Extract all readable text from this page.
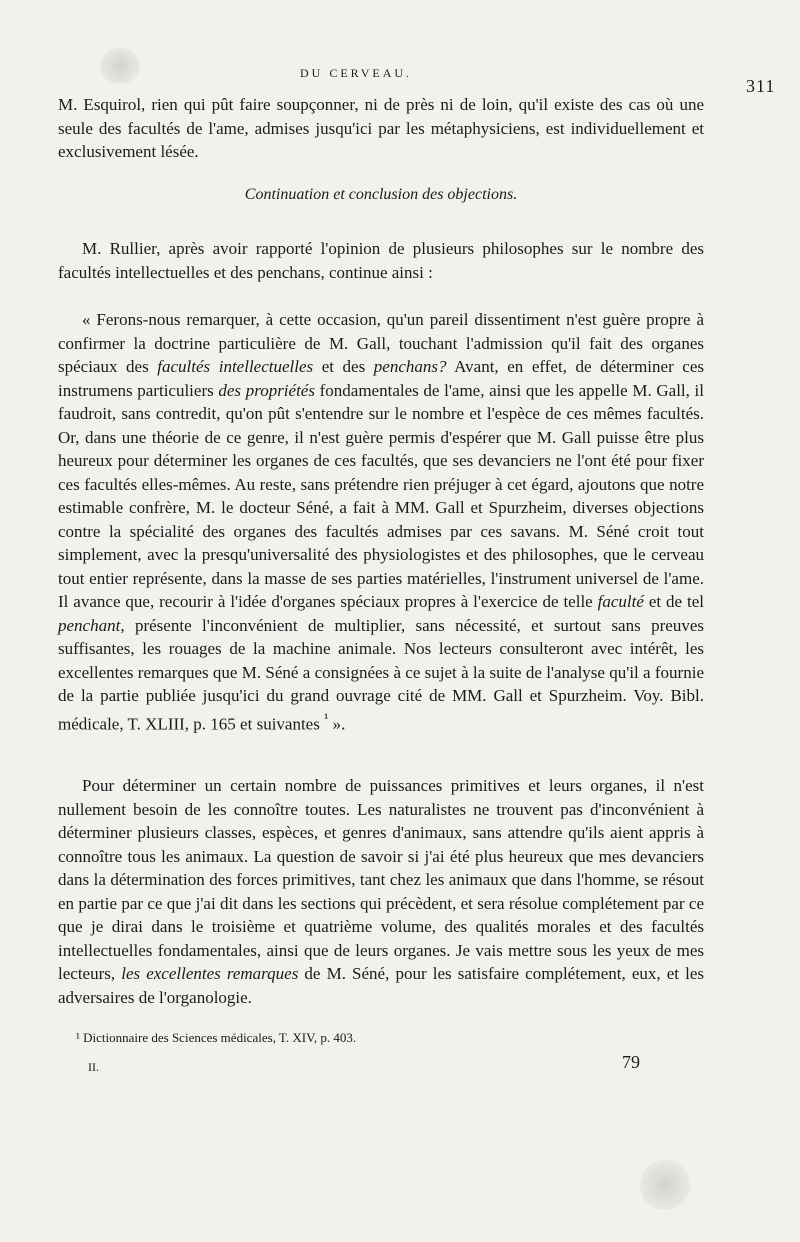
DU CERVEAU.
311

M. Esquirol, rien qui pût faire soupçonner, ni de près ni de loin, qu'il existe des cas où une seule des facultés de l'ame, admises jusqu'ici par les métaphysiciens, est individuellement et exclusivement lésée.

Continuation et conclusion des objections.

M. Rullier, après avoir rapporté l'opinion de plusieurs philosophes sur le nombre des facultés intellectuelles et des penchans, continue ainsi :

« Ferons-nous remarquer, à cette occasion, qu'un pareil dissentiment n'est guère propre à confirmer la doctrine particulière de M. Gall, touchant l'admission qu'il fait des organes spéciaux des facultés intellectuelles et des penchans? Avant, en effet, de déterminer ces instrumens particuliers des propriétés fondamentales de l'ame, ainsi que les appelle M. Gall, il faudroit, sans contredit, qu'on pût s'entendre sur le nombre et l'espèce de ces mêmes facultés. Or, dans une théorie de ce genre, il n'est guère permis d'espérer que M. Gall puisse être plus heureux pour déterminer les organes de ces facultés, que ses devanciers ne l'ont été pour fixer ces facultés elles-mêmes. Au reste, sans prétendre rien préjuger à cet égard, ajoutons que notre estimable confrère, M. le docteur Séné, a fait à MM. Gall et Spurzheim, diverses objections contre la spécialité des organes des facultés admises par ces savans. M. Séné croit tout simplement, avec la presqu'universalité des physiologistes et des philosophes, que le cerveau tout entier représente, dans la masse de ses parties matérielles, l'instrument universel de l'ame. Il avance que, recourir à l'idée d'organes spéciaux propres à l'exercice de telle faculté et de tel penchant, présente l'inconvénient de multiplier, sans nécessité, et surtout sans preuves suffisantes, les rouages de la machine animale. Nos lecteurs consulteront avec intérêt, les excellentes remarques que M. Séné a consignées à ce sujet à la suite de l'analyse qu'il a fournie de la partie publiée jusqu'ici du grand ouvrage cité de MM. Gall et Spurzheim. Voy. Bibl. médicale, T. XLIII, p. 165 et suivantes $^{^1}$ ».

Pour déterminer un certain nombre de puissances primitives et leurs organes, il n'est nullement besoin de les connoître toutes. Les naturalistes ne trouvent pas d'inconvénient à déterminer plusieurs classes, espèces, et genres d'animaux, sans attendre qu'ils aient appris à connoître tous les animaux. La question de savoir si j'ai été plus heureux que mes devanciers dans la détermination des forces primitives, tant chez les animaux que dans l'homme, se résout en partie par ce que j'ai dit dans les sections qui précèdent, et sera résolue complétement par ce que je dirai dans le troisième et quatrième volume, des qualités morales et des facultés intellectuelles fondamentales, ainsi que de leurs organes. Je vais mettre sous les yeux de mes lecteurs, les excellentes remarques de M. Séné, pour les satisfaire complétement, eux, et les adversaires de l'organologie.

¹ Dictionnaire des Sciences médicales, T. XIV, p. 403.
II.	79
